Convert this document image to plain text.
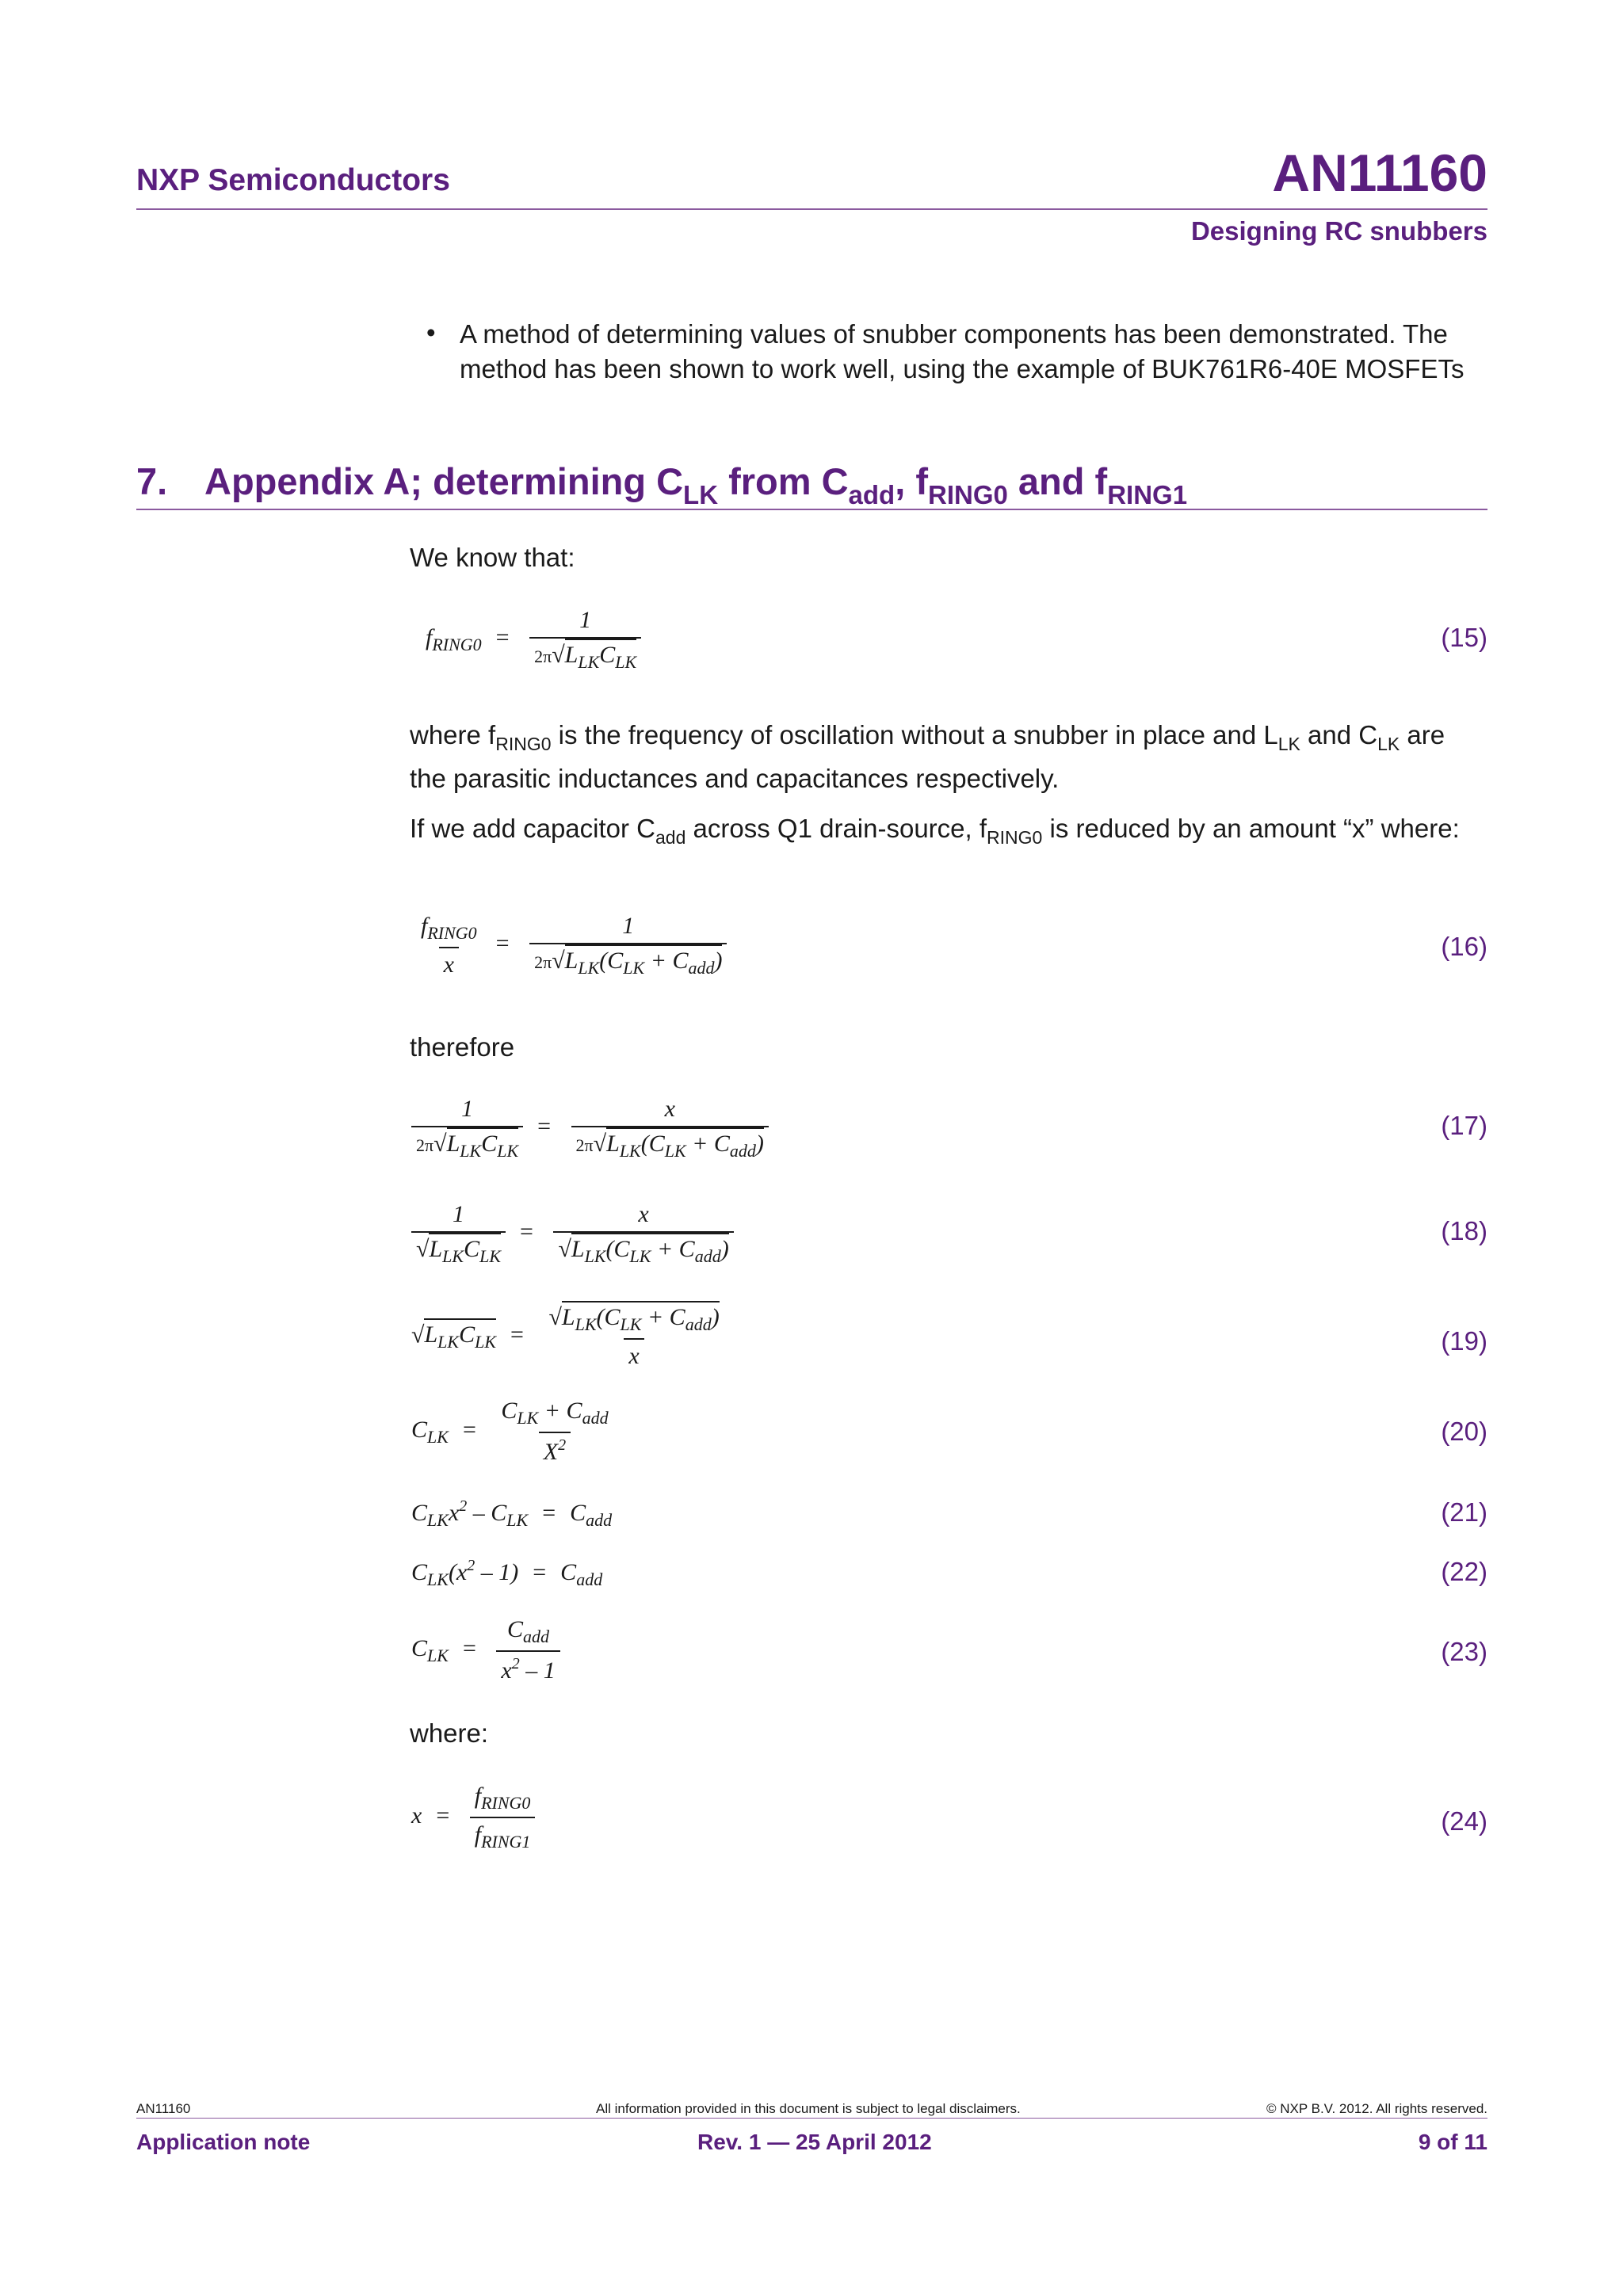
NXP Semiconductors	AN11160
Designing RC snubbers
• A method of determining values of snubber components has been demonstrated. The method has been shown to work well, using the example of BUK761R6-40E MOSFETs
7. Appendix A; determining $C_{LK}$ from $C_{add}$, $f_{RING0}$ and $f_{RING1}$
We know that:
$f_{RING0} = \frac{1}{2\pi√L_{LK}C_{LK}}$	(15)
where $f_{RING0}$ is the frequency of oscillation without a snubber in place and $L_{LK}$ and $C_{LK}$ are the parasitic inductances and capacitances respectively.
If we add capacitor $C_{add}$ across Q1 drain-source, $f_{RING0}$ is reduced by an amount “x” where:
$\frac{f_{RING0}}{x} = \frac{1}{2\pi√L_{LK}(C_{LK} + C_{add})}$	(16)
therefore
$\frac{1}{2\pi√L_{LK}C_{LK}} = \frac{x}{2\pi√L_{LK}(C_{LK} + C_{add})}$	(17)
$\frac{1}{√L_{LK}C_{LK}} = \frac{x}{√L_{LK}(C_{LK} + C_{add})}$	(18)
$√L_{LK}C_{LK} = \frac{√L_{LK}(C_{LK} + C_{add})}{x}$	(19)
$C_{LK} = \frac{C_{LK} + C_{add}}{X^2}$	(20)
$C_{LK}x^2 - C_{LK} = C_{add}$	(21)
$C_{LK}(x^2 - 1) = C_{add}$	(22)
$C_{LK} = \frac{C_{add}}{x^2 - 1}$	(23)
where:
$x = \frac{f_{RING0}}{f_{RING1}}$	(24)
AN11160	All information provided in this document is subject to legal disclaimers.	© NXP B.V. 2012. All rights reserved.
Application note	Rev. 1 — 25 April 2012	9 of 11
